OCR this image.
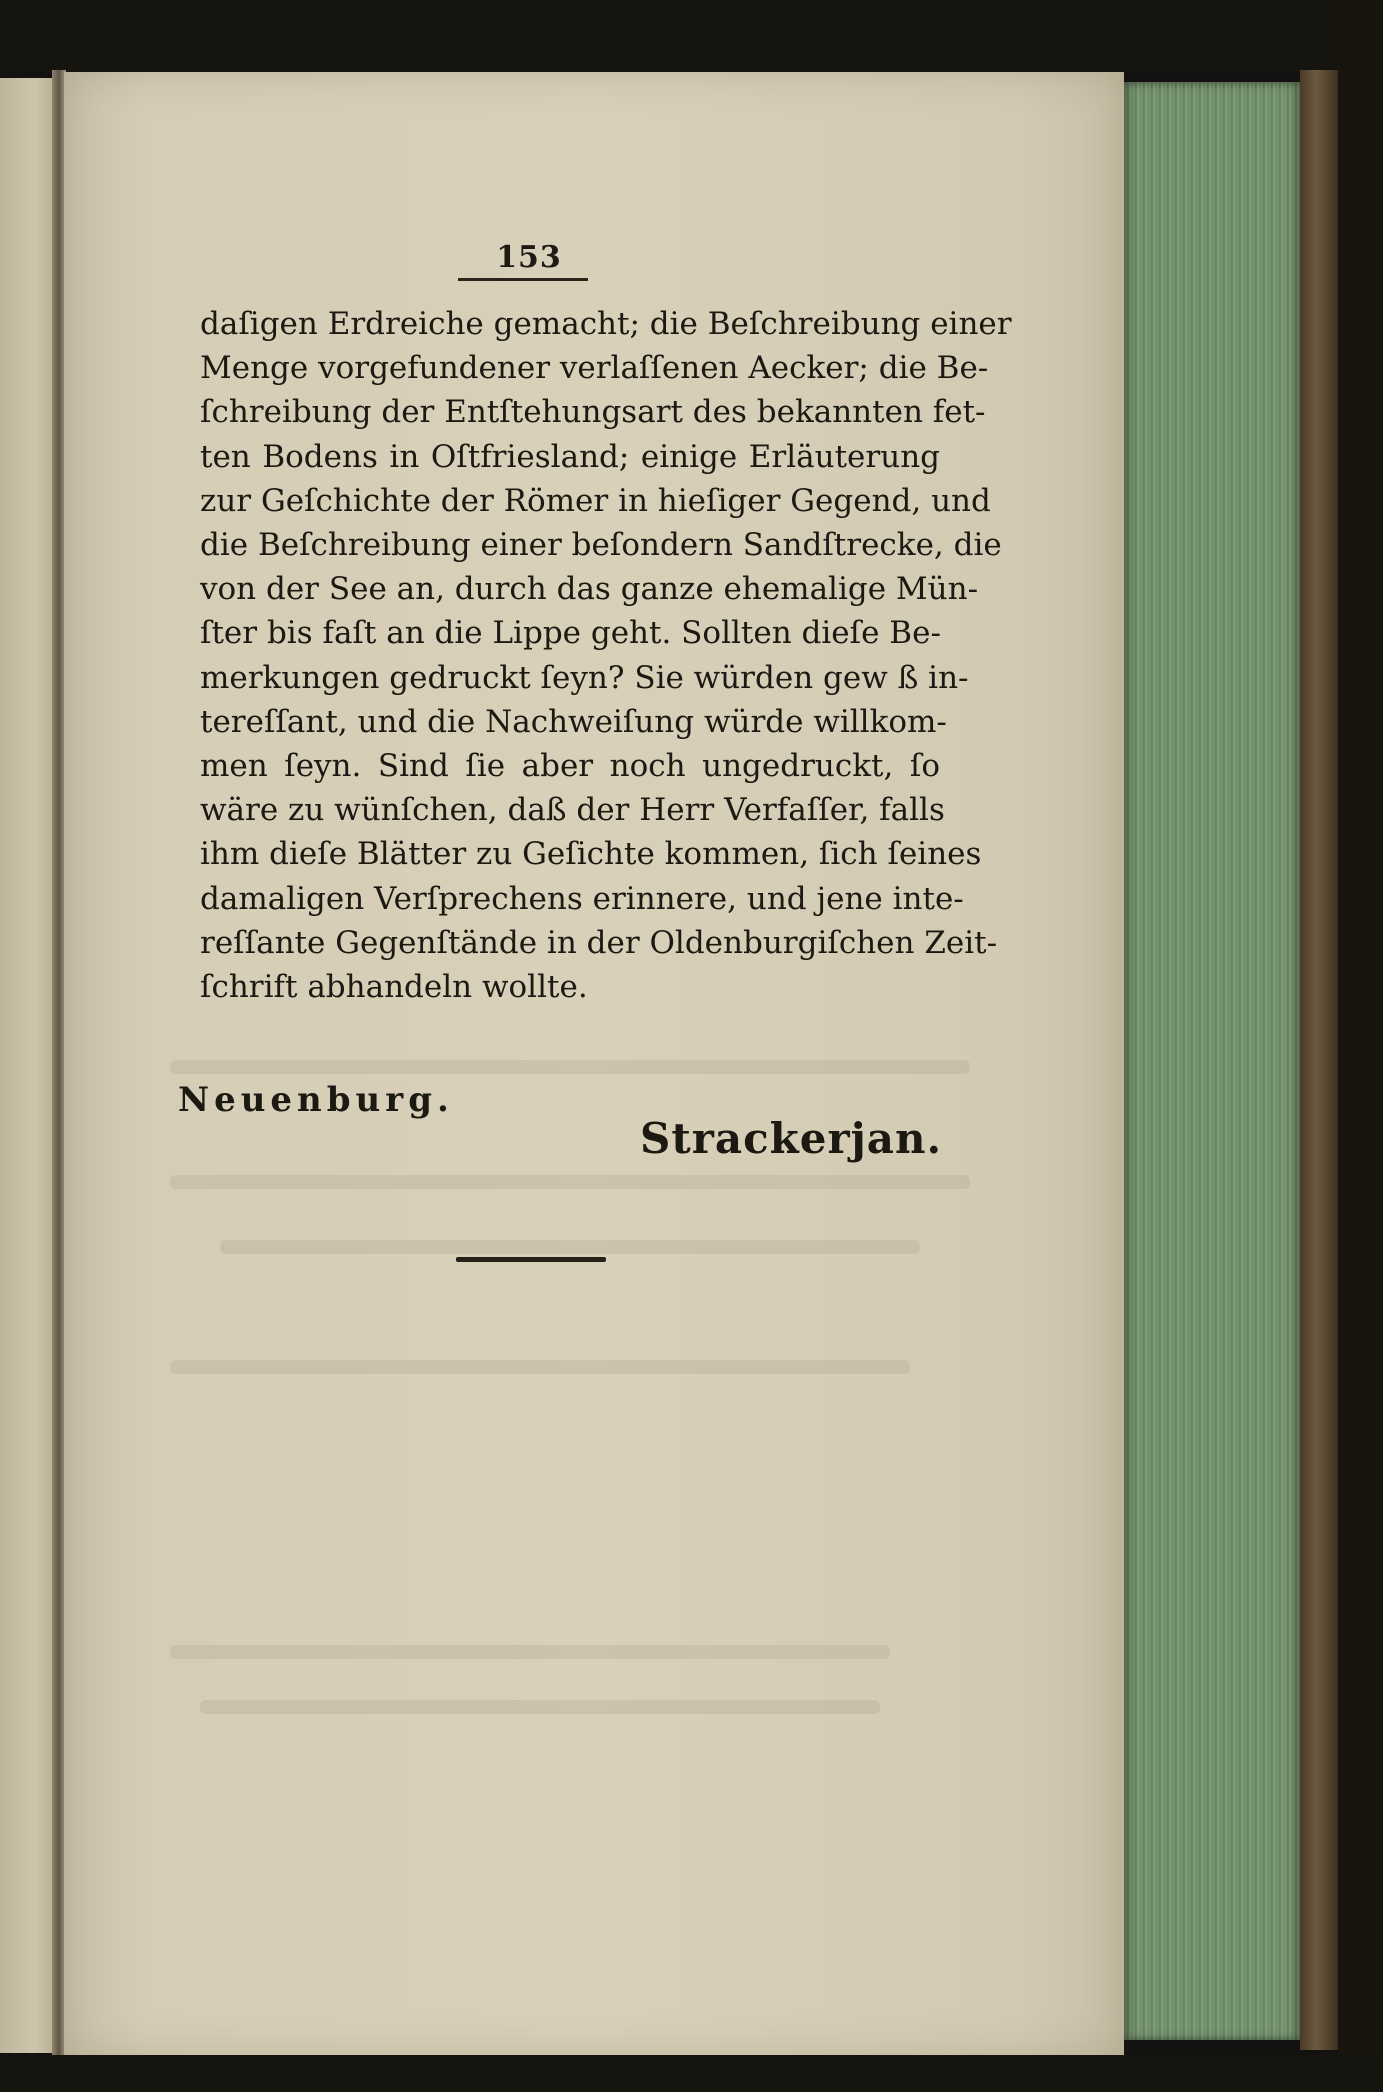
153
daſigen Erdreiche gemacht; die Beſchreibung einer
Menge vorgefundener verlaſſenen Aecker; die Be-
ſchreibung der Entſtehungsart des bekannten fet-
ten Bodens in Oſtfriesland; einige Erläuterung
zur Geſchichte der Römer in hieſiger Gegend, und
die Beſchreibung einer beſondern Sandſtrecke, die
von der See an, durch das ganze ehemalige Mün-
ſter bis faſt an die Lippe geht. Sollten dieſe Be-
merkungen gedruckt ſeyn? Sie würden gew ß in-
tereſſant, und die Nachweiſung würde willkom-
men ſeyn. Sind ſie aber noch ungedruckt, ſo
wäre zu wünſchen, daß der Herr Verfaſſer, falls
ihm dieſe Blätter zu Geſichte kommen, ſich ſeines
damaligen Verſprechens erinnere, und jene inte-
reſſante Gegenſtände in der Oldenburgiſchen Zeit-
ſchrift abhandeln wollte.
Neuenburg.
Strackerjan.
